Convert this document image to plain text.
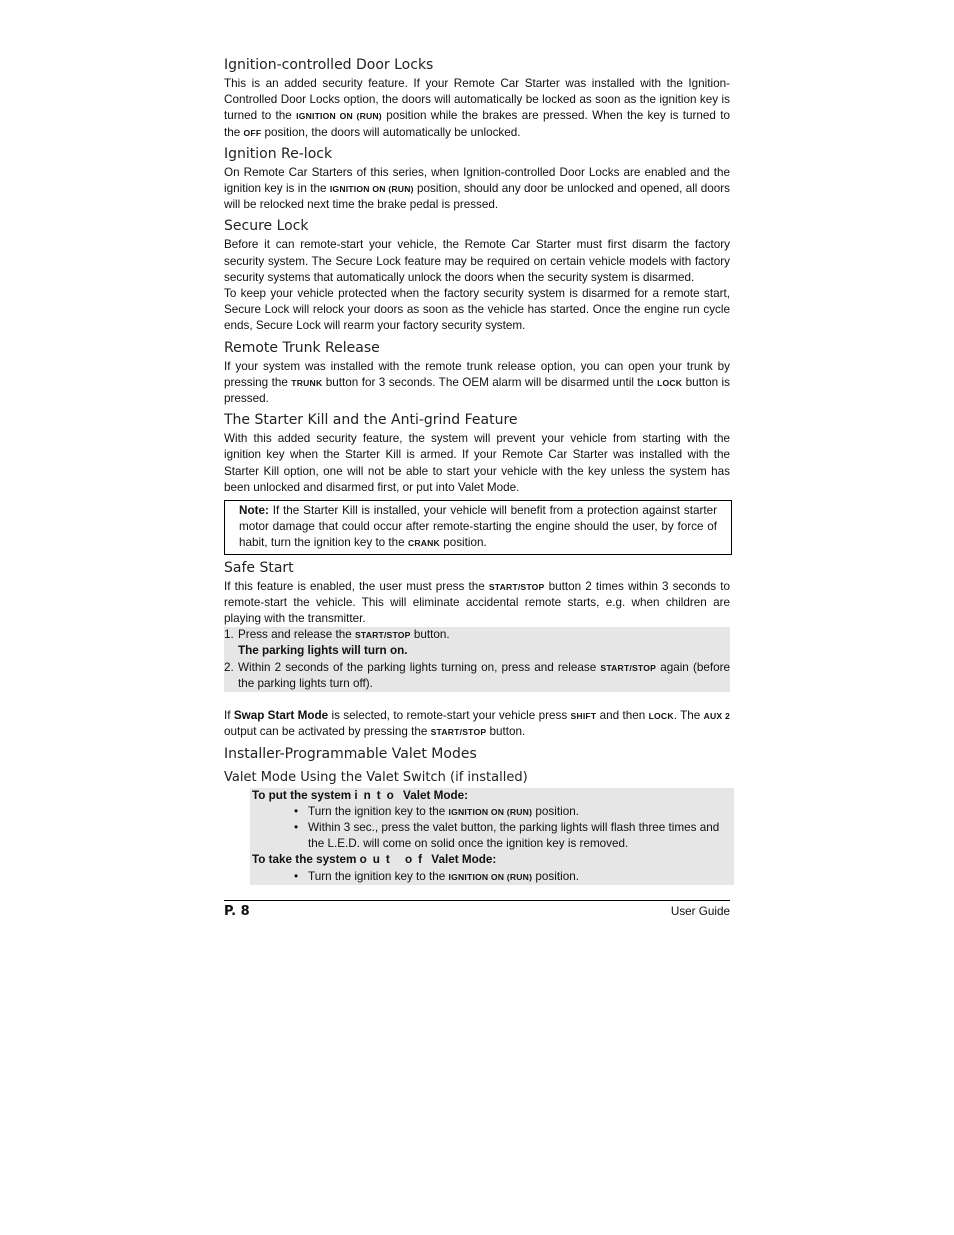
Ignition-controlled Door Locks

This is an added security feature. If your Remote Car Starter was installed with the Ignition-Controlled Door Locks option, the doors will automatically be locked as soon as the ignition key is turned to the IGNITION ON (RUN) position while the brakes are pressed. When the key is turned to the OFF position, the doors will automatically be unlocked.

Ignition Re-lock

On Remote Car Starters of this series, when Ignition-controlled Door Locks are enabled and the ignition key is in the IGNITION ON (RUN) position, should any door be unlocked and opened, all doors will be relocked next time the brake pedal is pressed.

Secure Lock

Before it can remote-start your vehicle, the Remote Car Starter must first disarm the factory security system. The Secure Lock feature may be required on certain vehicle models with factory security systems that automatically unlock the doors when the security system is disarmed.

To keep your vehicle protected when the factory security system is disarmed for a remote start, Secure Lock will relock your doors as soon as the vehicle has started. Once the engine run cycle ends, Secure Lock will rearm your factory security system.

Remote Trunk Release

If your system was installed with the remote trunk release option, you can open your trunk by pressing the TRUNK button for 3 seconds. The OEM alarm will be disarmed until the LOCK button is pressed.

The Starter Kill and the Anti-grind Feature

With this added security feature, the system will prevent your vehicle from starting with the ignition key when the Starter Kill is armed. If your Remote Car Starter was installed with the Starter Kill option, one will not be able to start your vehicle with the key unless the system has been unlocked and disarmed first, or put into Valet Mode.

Note: If the Starter Kill is installed, your vehicle will benefit from a protection against starter motor damage that could occur after remote-starting the engine should the user, by force of habit, turn the ignition key to the CRANK position.

Safe Start

If this feature is enabled, the user must press the START/STOP button 2 times within 3 seconds to remote-start the vehicle. This will eliminate accidental remote starts, e.g. when children are playing with the transmitter.

1. Press and release the START/STOP button.
The parking lights will turn on.
2. Within 2 seconds of the parking lights turning on, press and release START/STOP again (before the parking lights turn off).

If Swap Start Mode is selected, to remote-start your vehicle press SHIFT and then LOCK. The AUX 2 output can be activated by pressing the START/STOP button.

Installer-Programmable Valet Modes
Valet Mode Using the Valet Switch (if installed)
To put the system into Valet Mode:
• Turn the ignition key to the IGNITION ON (RUN) position.
• Within 3 sec., press the valet button, the parking lights will flash three times and the L.E.D. will come on solid once the ignition key is removed.
To take the system out of Valet Mode:
• Turn the ignition key to the IGNITION ON (RUN) position.
P. 8	User Guide
